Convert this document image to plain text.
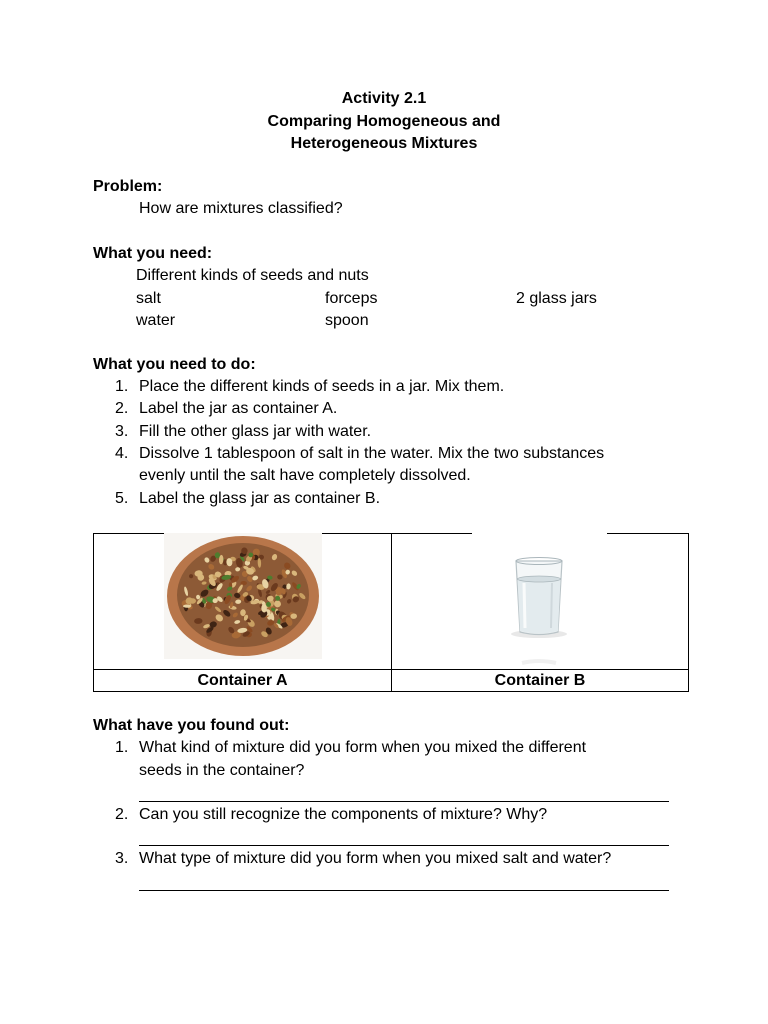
Activity 2.1
Comparing Homogeneous and
Heterogeneous Mixtures
Problem:
How are mixtures classified?
What you need:
Different kinds of seeds and nuts
salt	forceps	2 glass jars
water	spoon
What you need to do:
1. Place the different kinds of seeds in a jar. Mix them.
2. Label the jar as container A.
3. Fill the other glass jar with water.
4. Dissolve 1 tablespoon of salt in the water. Mix the two substances
evenly until the salt have completely dissolved.
5. Label the glass jar as container B.
Container A	Container B
What have you found out:
1. What kind of mixture did you form when you mixed the different
seeds in the container?
2. Can you still recognize the components of mixture? Why?
3. What type of mixture did you form when you mixed salt and water?
